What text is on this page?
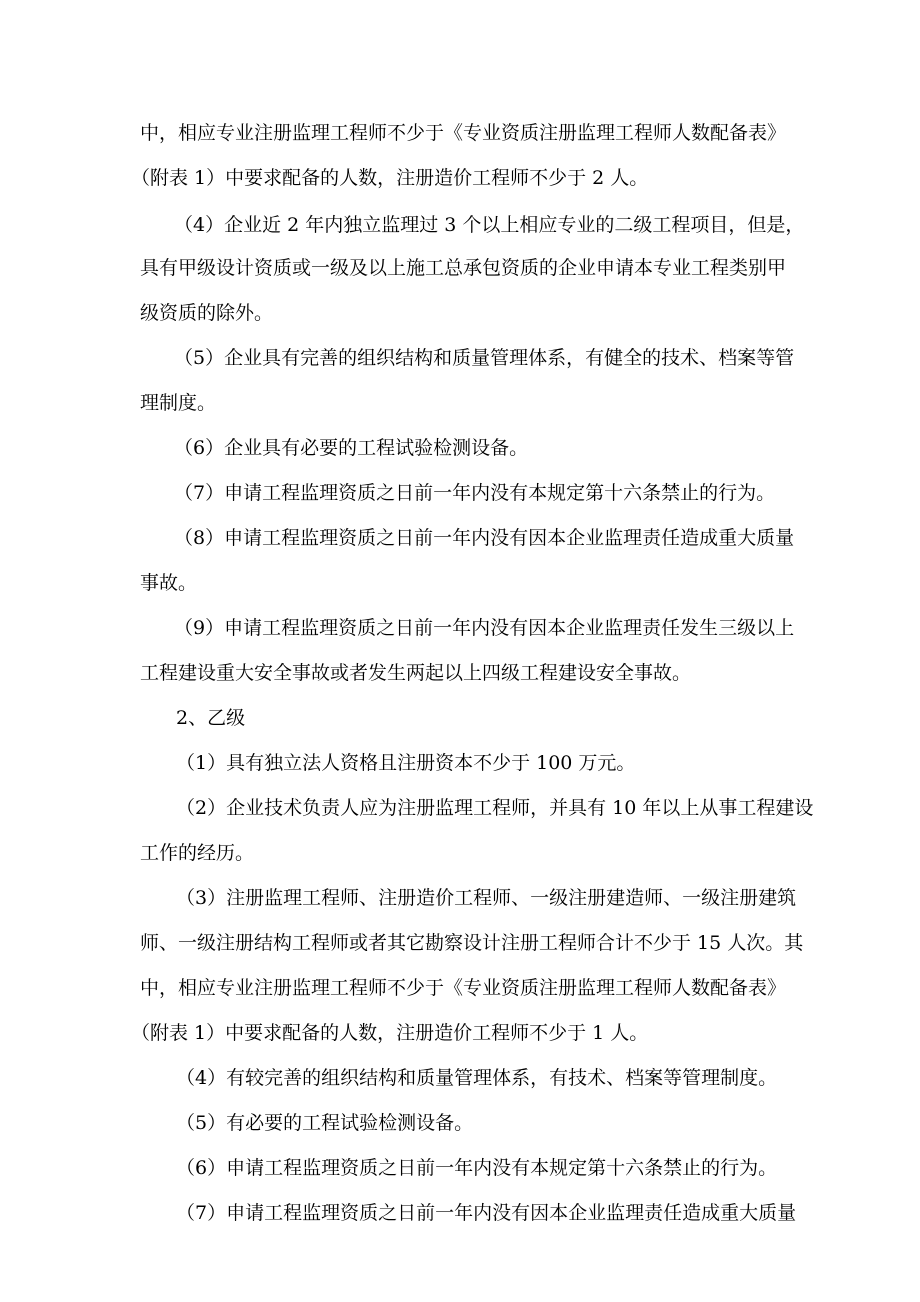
中，相应专业注册监理工程师不少于《专业资质注册监理工程师人数配备表》
（附表 1）中要求配备的人数，注册造价工程师不少于 2 人。
（4）企业近 2 年内独立监理过 3 个以上相应专业的二级工程项目，但是，
具有甲级设计资质或一级及以上施工总承包资质的企业申请本专业工程类别甲
级资质的除外。
（5）企业具有完善的组织结构和质量管理体系，有健全的技术、档案等管
理制度。
（6）企业具有必要的工程试验检测设备。
（7）申请工程监理资质之日前一年内没有本规定第十六条禁止的行为。
（8）申请工程监理资质之日前一年内没有因本企业监理责任造成重大质量
事故。
（9）申请工程监理资质之日前一年内没有因本企业监理责任发生三级以上
工程建设重大安全事故或者发生两起以上四级工程建设安全事故。
2、乙级
（1）具有独立法人资格且注册资本不少于 100 万元。
（2）企业技术负责人应为注册监理工程师，并具有 10 年以上从事工程建设
工作的经历。
（3）注册监理工程师、注册造价工程师、一级注册建造师、一级注册建筑
师、一级注册结构工程师或者其它勘察设计注册工程师合计不少于 15 人次。其
中，相应专业注册监理工程师不少于《专业资质注册监理工程师人数配备表》
（附表 1）中要求配备的人数，注册造价工程师不少于 1 人。
（4）有较完善的组织结构和质量管理体系，有技术、档案等管理制度。
（5）有必要的工程试验检测设备。
（6）申请工程监理资质之日前一年内没有本规定第十六条禁止的行为。
（7）申请工程监理资质之日前一年内没有因本企业监理责任造成重大质量
